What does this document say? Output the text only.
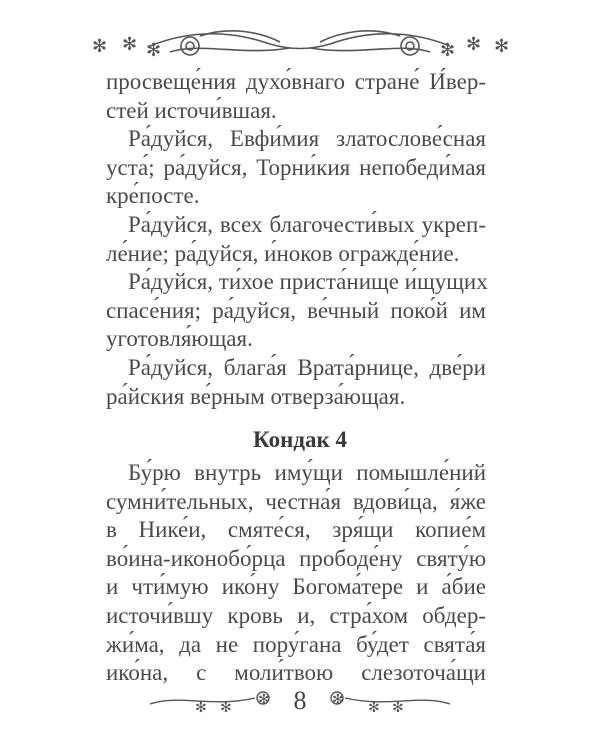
✻ ✻ ✻	✻ ✻ ✻
просвеще́ния духо́внаго стране́ И́вер-
стей источи́вшая.
Ра́дуйся, Евфи́мия златослове́сная
уста́; ра́дуйся, Торни́кия непобеди́мая
кре́посте.
Ра́дуйся, всех благочести́вых укреп-
ле́ние; ра́дуйся, и́ноков огражде́ние.
Ра́дуйся, ти́хое приста́нище и́щущих
спасе́ния; ра́дуйся, ве́чный поко́й им
уготовля́ющая.
Ра́дуйся, блага́я Врата́рнице, две́ри
ра́йския ве́рным отверза́ющая.
Кондак 4
Бу́рю внутрь иму́щи помышле́ний
сумни́тельных, честна́я вдови́ца, я́же
в Нике́и, смяте́ся, зря́щи копие́м
во́ина-иконобо́рца прободе́ну святу́ю
и чти́мую ико́ну Богома́тере и а́бие
источи́вшу кровь и, стра́хом обдер-
жи́ма, да не пору́гана бу́дет свята́я
ико́на, с моли́твою слезоточа́щи
✻ ✻ ✻	✻ ✻ ✻
8
